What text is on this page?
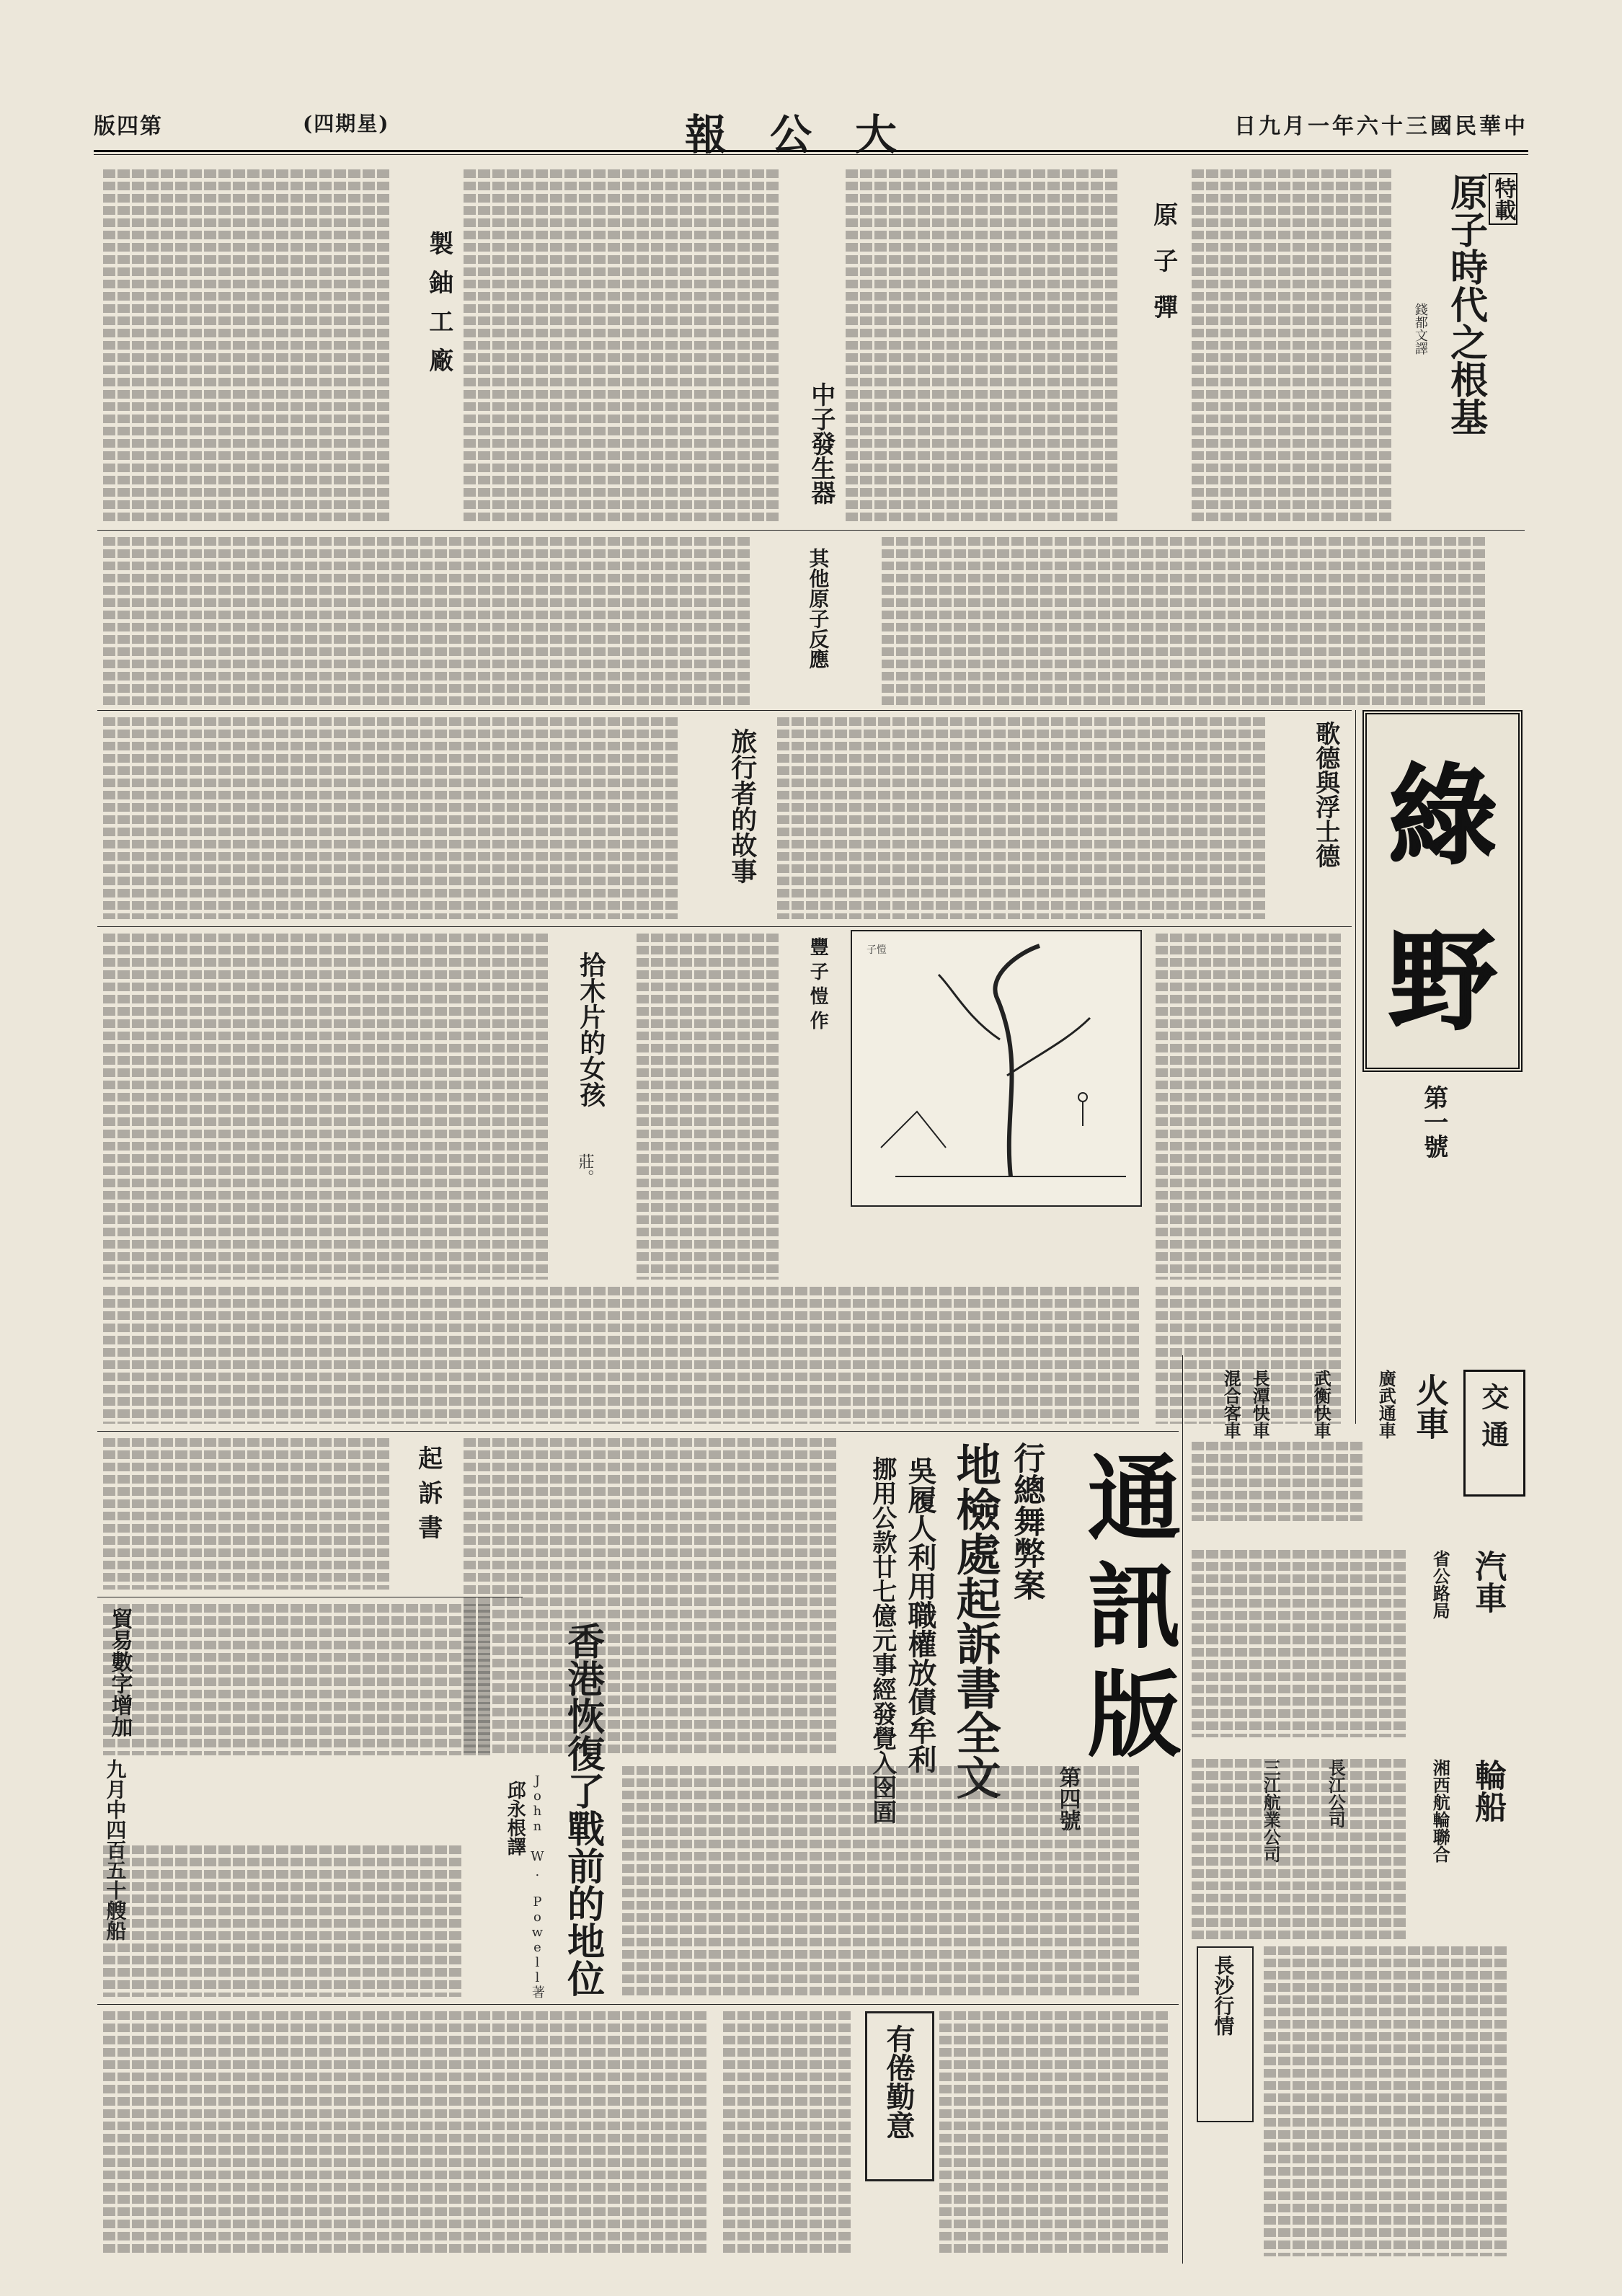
版四第	(四期星)	報公大	日九月一年六十三國民華中
特載
原子時代之根基
錢都文譯
原子彈
中子發生器
製鈾工廠
其他原子反應
綠
野
第一號
歌德與浮士德
旅行者的故事
子愷
豐子愷作
拾木片的女孩
莊。
交通
火車
廣武通車
武衡快車
長潭快車
混合客車
汽車
省公路局
輪船
湘西航輪聯合
長江公司
三江航業公司
長沙行情
通訊版
第四號
行總舞弊案
地檢處起訴書全文
吳履人利用職權放債牟利
挪用公款廿七億元事經發覺入囹圄
起訴書
貿易數字增加
九月中四百五十艘船	香港恢復了戰前的地位
John W. Powell著
邱永根譯
有倦勤意
